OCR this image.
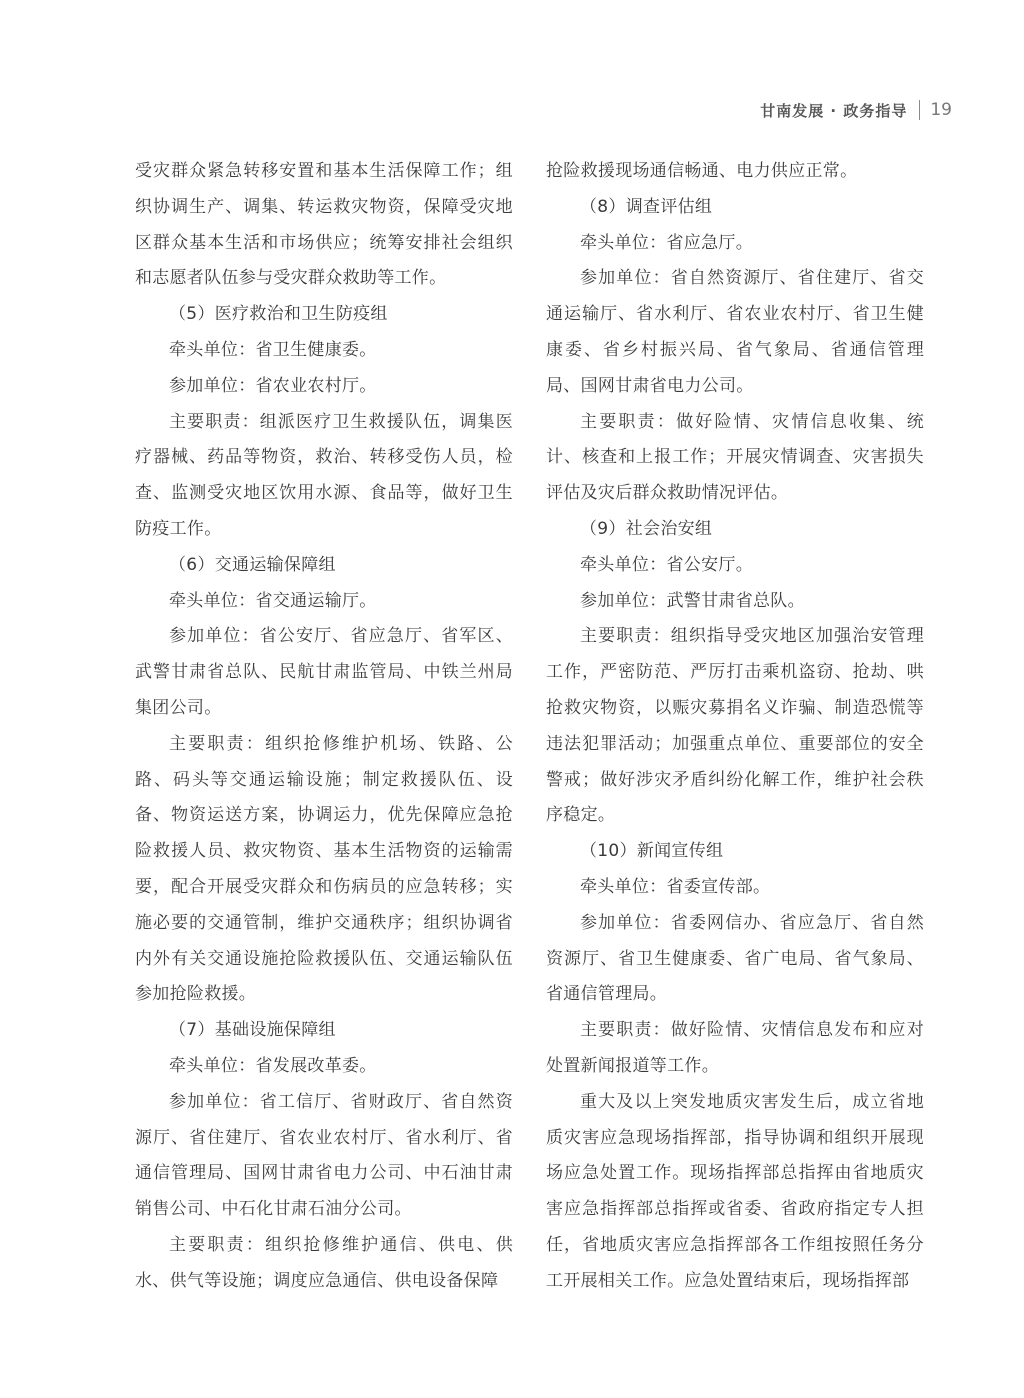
甘南发展 · 政务指导 19

受灾群众紧急转移安置和基本生活保障工作；组织协调生产、调集、转运救灾物资，保障受灾地区群众基本生活和市场供应；统筹安排社会组织和志愿者队伍参与受灾群众救助等工作。

（5）医疗救治和卫生防疫组

牵头单位：省卫生健康委。

参加单位：省农业农村厅。

主要职责：组派医疗卫生救援队伍，调集医疗器械、药品等物资，救治、转移受伤人员，检查、监测受灾地区饮用水源、食品等，做好卫生防疫工作。

（6）交通运输保障组

牵头单位：省交通运输厅。

参加单位：省公安厅、省应急厅、省军区、武警甘肃省总队、民航甘肃监管局、中铁兰州局集团公司。

主要职责：组织抢修维护机场、铁路、公路、码头等交通运输设施；制定救援队伍、设备、物资运送方案，协调运力，优先保障应急抢险救援人员、救灾物资、基本生活物资的运输需要，配合开展受灾群众和伤病员的应急转移；实施必要的交通管制，维护交通秩序；组织协调省内外有关交通设施抢险救援队伍、交通运输队伍参加抢险救援。

（7）基础设施保障组

牵头单位：省发展改革委。

参加单位：省工信厅、省财政厅、省自然资源厅、省住建厅、省农业农村厅、省水利厅、省通信管理局、国网甘肃省电力公司、中石油甘肃销售公司、中石化甘肃石油分公司。

主要职责：组织抢修维护通信、供电、供水、供气等设施；调度应急通信、供电设备保障

抢险救援现场通信畅通、电力供应正常。

（8）调查评估组

牵头单位：省应急厅。

参加单位：省自然资源厅、省住建厅、省交通运输厅、省水利厅、省农业农村厅、省卫生健康委、省乡村振兴局、省气象局、省通信管理局、国网甘肃省电力公司。

主要职责：做好险情、灾情信息收集、统计、核查和上报工作；开展灾情调查、灾害损失评估及灾后群众救助情况评估。

（9）社会治安组

牵头单位：省公安厅。

参加单位：武警甘肃省总队。

主要职责：组织指导受灾地区加强治安管理工作，严密防范、严厉打击乘机盗窃、抢劫、哄抢救灾物资，以赈灾募捐名义诈骗、制造恐慌等违法犯罪活动；加强重点单位、重要部位的安全警戒；做好涉灾矛盾纠纷化解工作，维护社会秩序稳定。

（10）新闻宣传组

牵头单位：省委宣传部。

参加单位：省委网信办、省应急厅、省自然资源厅、省卫生健康委、省广电局、省气象局、省通信管理局。

主要职责：做好险情、灾情信息发布和应对处置新闻报道等工作。

重大及以上突发地质灾害发生后，成立省地质灾害应急现场指挥部，指导协调和组织开展现场应急处置工作。现场指挥部总指挥由省地质灾害应急指挥部总指挥或省委、省政府指定专人担任，省地质灾害应急指挥部各工作组按照任务分工开展相关工作。应急处置结束后，现场指挥部
